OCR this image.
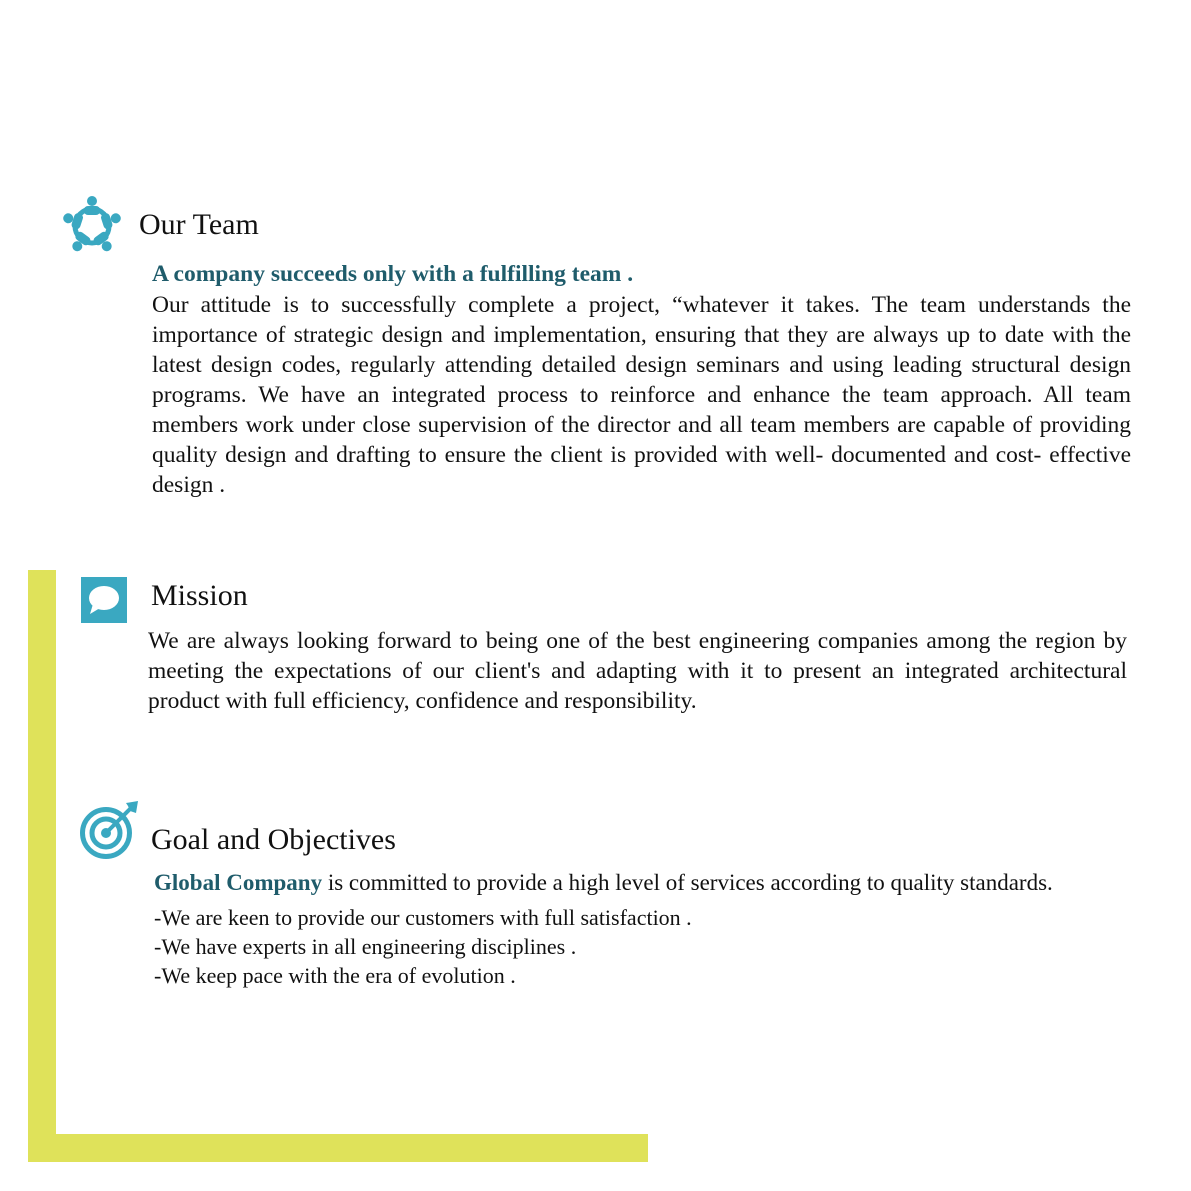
Our Team

A company succeeds only with a fulfilling team .

Our attitude is to successfully complete a project, “whatever it takes. The team understands the importance of strategic design and implementation, ensuring that they are always up to date with the latest design codes, regularly attending detailed design seminars and using leading structural design programs. We have an integrated process to reinforce and enhance the team approach. All team members work under close supervision of the director and all team members are capable of providing quality design and drafting to ensure the client is provided with well- documented and cost- effective design .

Mission

We are always looking forward to being one of the best engineering companies among the region by meeting the expectations of our client's and adapting with it to present an integrated architectural product with full efficiency, confidence and responsibility.

Goal and Objectives

Global Company is committed to provide a high level of services according to quality standards.

-We are keen to provide our customers with full satisfaction .
-We have experts in all engineering disciplines .
-We keep pace with the era of evolution .
